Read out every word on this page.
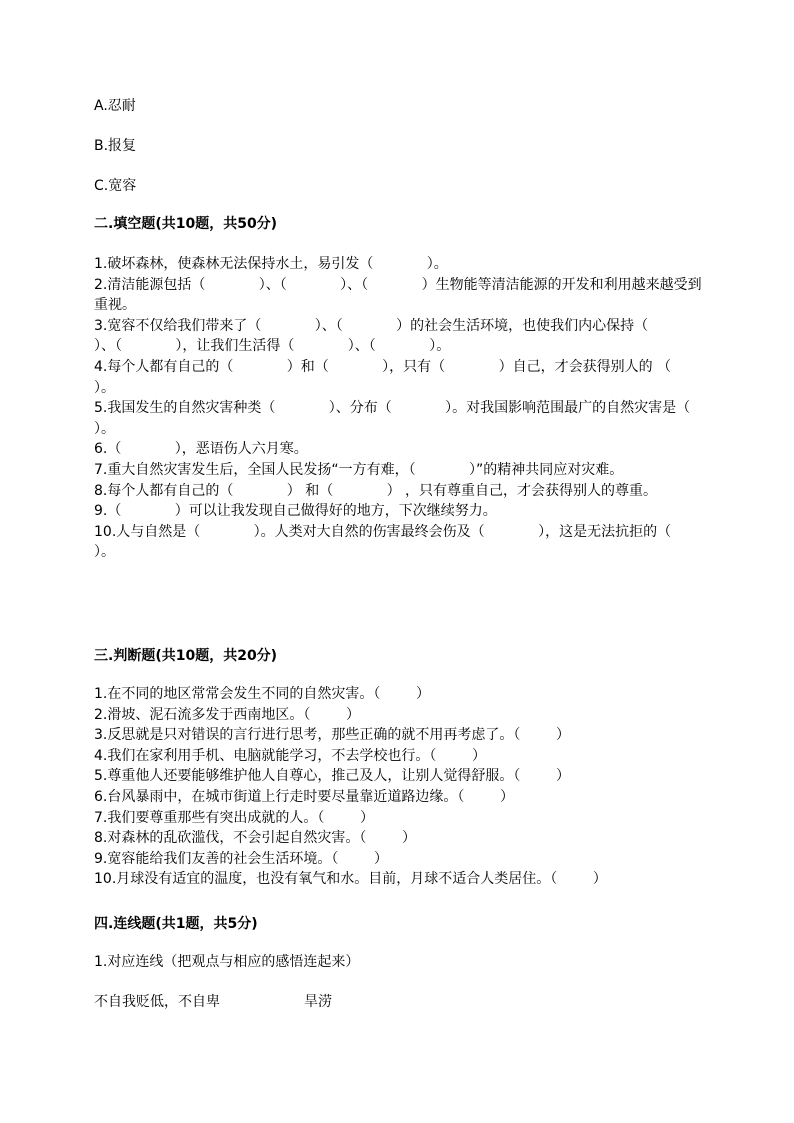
A.忍耐
B.报复
C.宽容
二.填空题(共10题，共50分)

1.破坏森林，使森林无法保持水土，易引发（            ）。

2.清洁能源包括（            ）、（            ）、（            ）生物能等清洁能源的开发和利用越来越受到重视。

3.宽容不仅给我们带来了（            ）、（            ）的社会生活环境，也使我们内心保持（            ）、（            ），让我们生活得（            ）、（            ）。

4.每个人都有自己的（            ）和（            ），只有（            ）自己，才会获得别人的 （            ）。

5.我国发生的自然灾害种类（            ）、分布（            ）。对我国影响范围最广的自然灾害是（            ）。

6.（            ），恶语伤人六月寒。

7.重大自然灾害发生后，全国人民发扬“一方有难，（            ）”的精神共同应对灾难。

8.每个人都有自己的（            ） 和（            ） ，只有尊重自己，才会获得别人的尊重。

9.（            ）可以让我发现自己做得好的地方，下次继续努力。

10.人与自然是（            ）。人类对大自然的伤害最终会伤及（            ），这是无法抗拒的（            ）。

三.判断题(共10题，共20分)

1.在不同的地区常常会发生不同的自然灾害。（        ）

2.滑坡、泥石流多发于西南地区。（        ）

3.反思就是只对错误的言行进行思考，那些正确的就不用再考虑了。（        ）

4.我们在家利用手机、电脑就能学习，不去学校也行。（        ）

5.尊重他人还要能够维护他人自尊心，推己及人，让别人觉得舒服。（        ）

6.台风暴雨中，在城市街道上行走时要尽量靠近道路边缘。（        ）

7.我们要尊重那些有突出成就的人。（        ）

8.对森林的乱砍滥伐，不会引起自然灾害。（        ）

9.宽容能给我们友善的社会生活环境。（        ）

10.月球没有适宜的温度，也没有氧气和水。目前，月球不适合人类居住。（        ）

四.连线题(共1题，共5分)
1.对应连线（把观点与相应的感悟连起来）
不自我贬低，不自卑	旱涝
